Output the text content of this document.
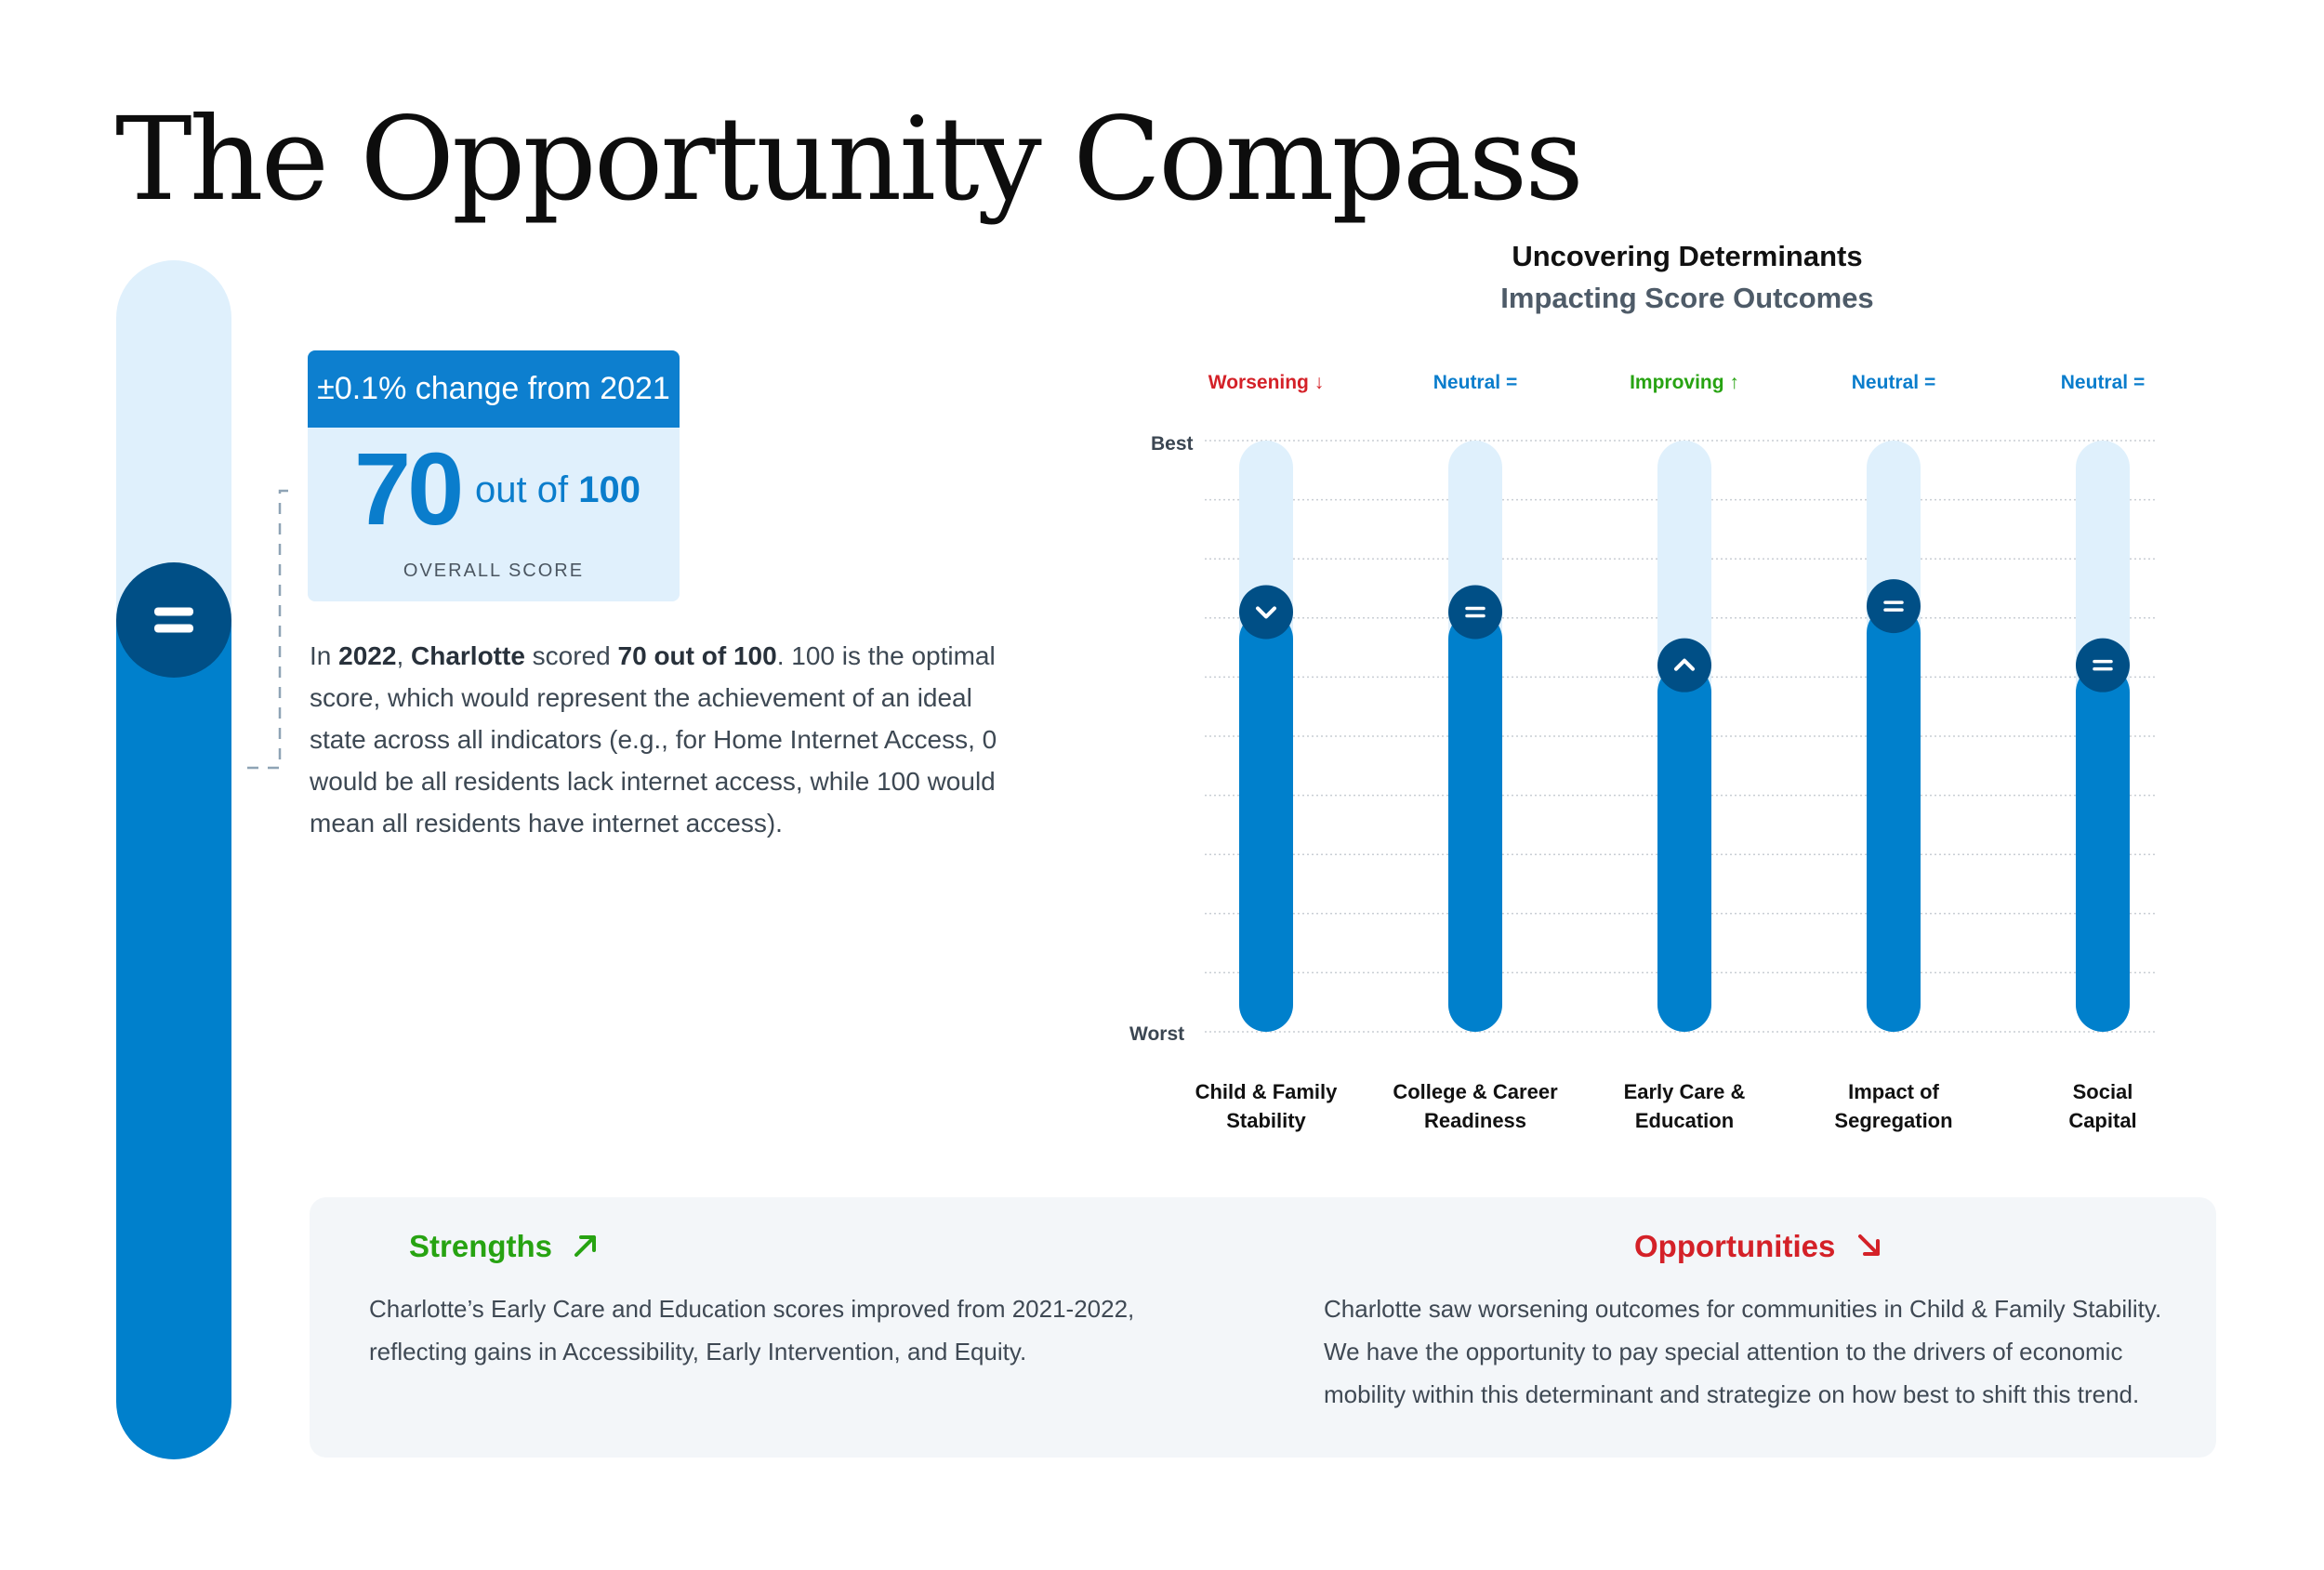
The Opportunity Compass
±0.1% change from 2021
70 out of 100
OVERALL SCORE

In 2022, Charlotte scored 70 out of 100. 100 is the optimal score, which would represent the achievement of an ideal state across all indicators (e.g., for Home Internet Access, 0 would be all residents lack internet access, while 100 would mean all residents have internet access).

Uncovering Determinants
Impacting Score Outcomes
Best
Worst
Worsening ↓
Child & Family
Stability
Neutral =
College & Career
Readiness
Improving ↑
Early Care &
Education
Neutral =
Impact of
Segregation
Neutral =
Social
Capital
Strengths

Charlotte’s Early Care and Education scores improved from 2021-2022, reflecting gains in Accessibility, Early Intervention, and Equity.

Opportunities

Charlotte saw worsening outcomes for communities in Child & Family Stability. We have the opportunity to pay special attention to the drivers of economic mobility within this determinant and strategize on how best to shift this trend.
